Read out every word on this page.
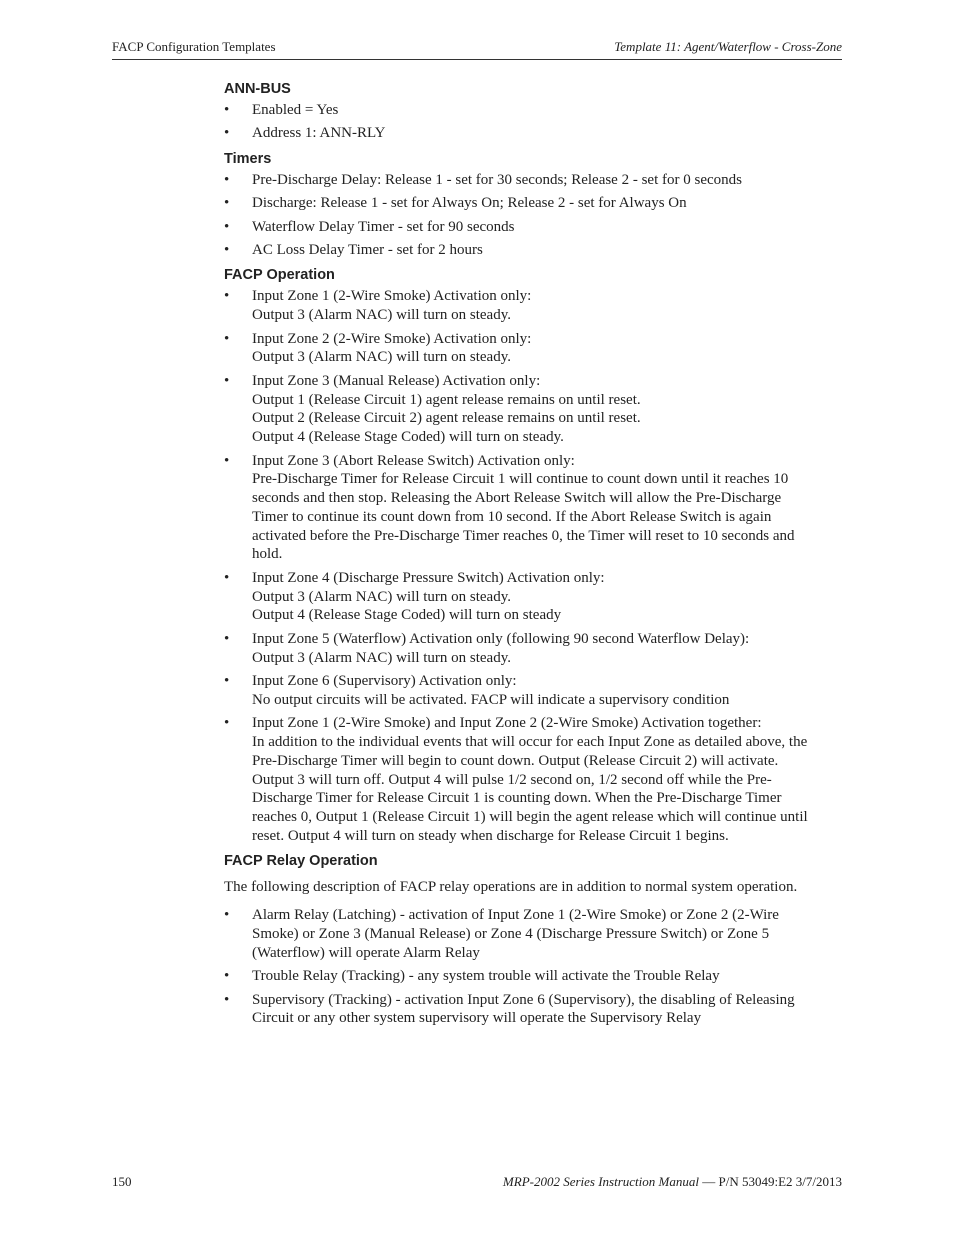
FACP Configuration Templates	Template 11: Agent/Waterflow - Cross-Zone
ANN-BUS
• Enabled = Yes
• Address 1: ANN-RLY
Timers
• Pre-Discharge Delay: Release 1 - set for 30 seconds; Release 2 - set for 0 seconds
• Discharge: Release 1 - set for Always On; Release 2 - set for Always On
• Waterflow Delay Timer - set for 90 seconds
• AC Loss Delay Timer - set for 2 hours
FACP Operation
• Input Zone 1 (2-Wire Smoke) Activation only:
Output 3 (Alarm NAC) will turn on steady.
• Input Zone 2 (2-Wire Smoke) Activation only:
Output 3 (Alarm NAC) will turn on steady.
• Input Zone 3 (Manual Release) Activation only:
Output 1 (Release Circuit 1) agent release remains on until reset.
Output 2 (Release Circuit 2) agent release remains on until reset.
Output 4 (Release Stage Coded) will turn on steady.
• Input Zone 3 (Abort Release Switch) Activation only:
Pre-Discharge Timer for Release Circuit 1 will continue to count down until it reaches 10
seconds and then stop. Releasing the Abort Release Switch will allow the Pre-Discharge
Timer to continue its count down from 10 second. If the Abort Release Switch is again
activated before the Pre-Discharge Timer reaches 0, the Timer will reset to 10 seconds and
hold.
• Input Zone 4 (Discharge Pressure Switch) Activation only:
Output 3 (Alarm NAC) will turn on steady.
Output 4 (Release Stage Coded) will turn on steady
• Input Zone 5 (Waterflow) Activation only (following 90 second Waterflow Delay):
Output 3 (Alarm NAC) will turn on steady.
• Input Zone 6 (Supervisory) Activation only:
No output circuits will be activated. FACP will indicate a supervisory condition
• Input Zone 1 (2-Wire Smoke) and Input Zone 2 (2-Wire Smoke) Activation together:
In addition to the individual events that will occur for each Input Zone as detailed above, the
Pre-Discharge Timer will begin to count down. Output (Release Circuit 2) will activate.
Output 3 will turn off. Output 4 will pulse 1/2 second on, 1/2 second off while the Pre-
Discharge Timer for Release Circuit 1 is counting down. When the Pre-Discharge Timer
reaches 0, Output 1 (Release Circuit 1) will begin the agent release which will continue until
reset. Output 4 will turn on steady when discharge for Release Circuit 1 begins.
FACP Relay Operation

The following description of FACP relay operations are in addition to normal system operation.

• Alarm Relay (Latching) - activation of Input Zone 1 (2-Wire Smoke) or Zone 2 (2-Wire
Smoke) or Zone 3 (Manual Release) or Zone 4 (Discharge Pressure Switch) or Zone 5
(Waterflow) will operate Alarm Relay
• Trouble Relay (Tracking) - any system trouble will activate the Trouble Relay
• Supervisory (Tracking) - activation Input Zone 6 (Supervisory), the disabling of Releasing
Circuit or any other system supervisory will operate the Supervisory Relay
150	MRP-2002 Series Instruction Manual — P/N 53049:E2 3/7/2013
